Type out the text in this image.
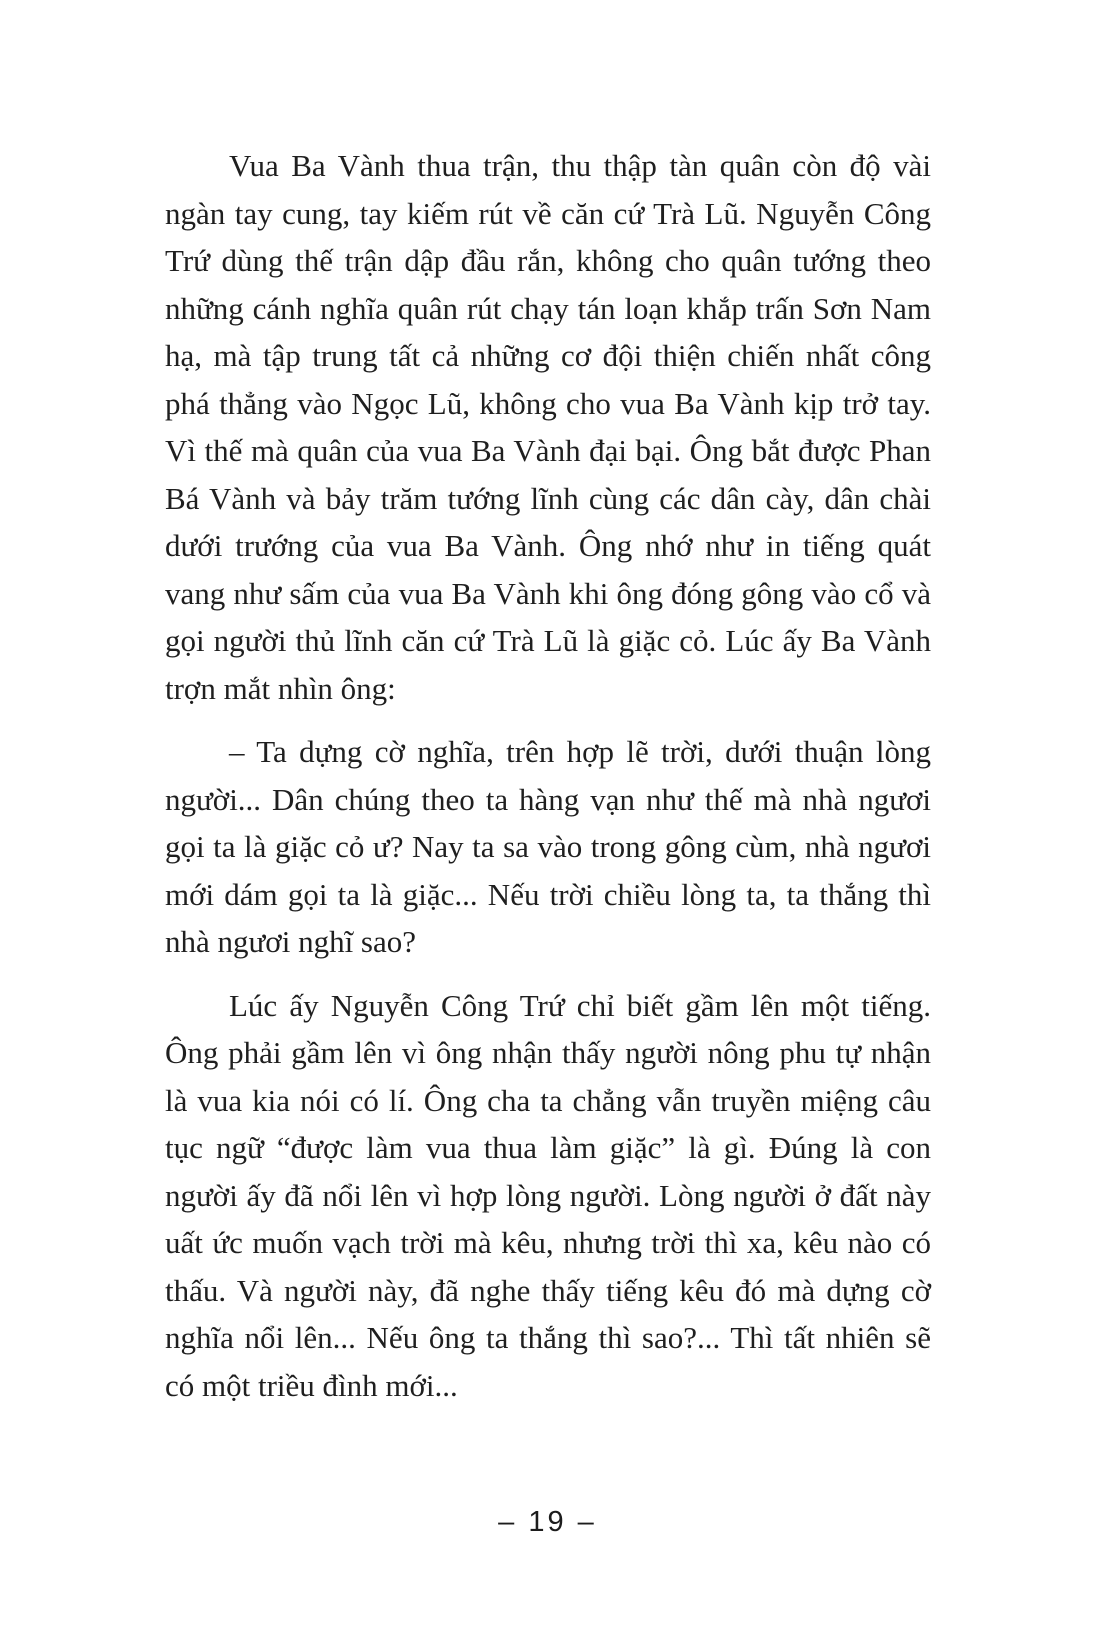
Vua Ba Vành thua trận, thu thập tàn quân còn độ vài ngàn tay cung, tay kiếm rút về căn cứ Trà Lũ. Nguyễn Công Trứ dùng thế trận dập đầu rắn, không cho quân tướng theo những cánh nghĩa quân rút chạy tán loạn khắp trấn Sơn Nam hạ, mà tập trung tất cả những cơ đội thiện chiến nhất công phá thẳng vào Ngọc Lũ, không cho vua Ba Vành kịp trở tay. Vì thế mà quân của vua Ba Vành đại bại. Ông bắt được Phan Bá Vành và bảy trăm tướng lĩnh cùng các dân cày, dân chài dưới trướng của vua Ba Vành. Ông nhớ như in tiếng quát vang như sấm của vua Ba Vành khi ông đóng gông vào cổ và gọi người thủ lĩnh căn cứ Trà Lũ là giặc cỏ. Lúc ấy Ba Vành trợn mắt nhìn ông:

– Ta dựng cờ nghĩa, trên hợp lẽ trời, dưới thuận lòng người... Dân chúng theo ta hàng vạn như thế mà nhà ngươi gọi ta là giặc cỏ ư? Nay ta sa vào trong gông cùm, nhà ngươi mới dám gọi ta là giặc... Nếu trời chiều lòng ta, ta thắng thì nhà ngươi nghĩ sao?

Lúc ấy Nguyễn Công Trứ chỉ biết gầm lên một tiếng. Ông phải gầm lên vì ông nhận thấy người nông phu tự nhận là vua kia nói có lí. Ông cha ta chẳng vẫn truyền miệng câu tục ngữ “được làm vua thua làm giặc” là gì. Đúng là con người ấy đã nổi lên vì hợp lòng người. Lòng người ở đất này uất ức muốn vạch trời mà kêu, nhưng trời thì xa, kêu nào có thấu. Và người này, đã nghe thấy tiếng kêu đó mà dựng cờ nghĩa nổi lên... Nếu ông ta thắng thì sao?... Thì tất nhiên sẽ có một triều đình mới...

– 19 –
